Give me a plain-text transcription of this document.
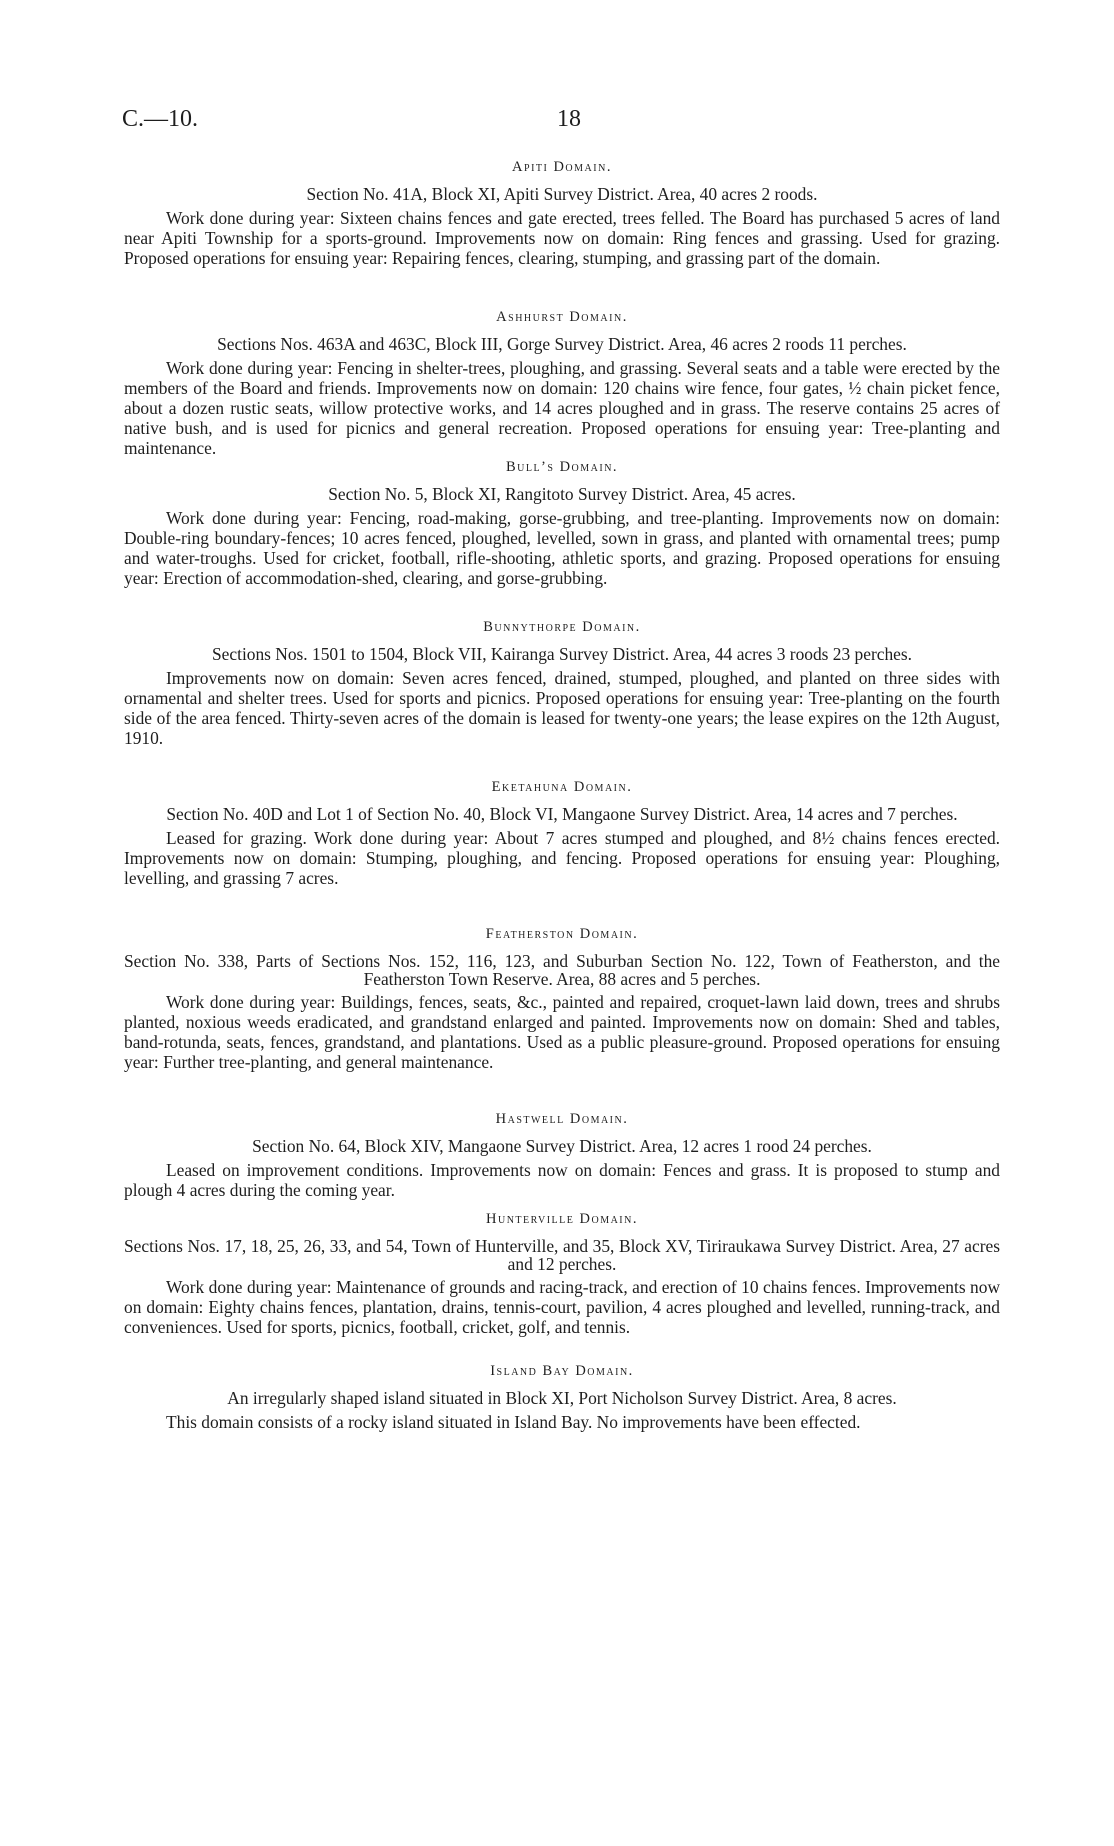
C.—10.	18
Apiti Domain.
Section No. 41A, Block XI, Apiti Survey District. Area, 40 acres 2 roods.
Work done during year: Sixteen chains fences and gate erected, trees felled. The Board has purchased 5 acres of land near Apiti Township for a sports-ground. Improvements now on domain: Ring fences and grassing. Used for grazing. Proposed operations for ensuing year: Repairing fences, clearing, stumping, and grassing part of the domain.
Ashhurst Domain.
Sections Nos. 463A and 463C, Block III, Gorge Survey District. Area, 46 acres 2 roods 11 perches.
Work done during year: Fencing in shelter-trees, ploughing, and grassing. Several seats and a table were erected by the members of the Board and friends. Improvements now on domain: 120 chains wire fence, four gates, ½ chain picket fence, about a dozen rustic seats, willow protective works, and 14 acres ploughed and in grass. The reserve contains 25 acres of native bush, and is used for picnics and general recreation. Proposed operations for ensuing year: Tree-planting and maintenance.
Bull’s Domain.
Section No. 5, Block XI, Rangitoto Survey District. Area, 45 acres.
Work done during year: Fencing, road-making, gorse-grubbing, and tree-planting. Improvements now on domain: Double-ring boundary-fences; 10 acres fenced, ploughed, levelled, sown in grass, and planted with ornamental trees; pump and water-troughs. Used for cricket, football, rifle-shooting, athletic sports, and grazing. Proposed operations for ensuing year: Erection of accommodation-shed, clearing, and gorse-grubbing.
Bunnythorpe Domain.
Sections Nos. 1501 to 1504, Block VII, Kairanga Survey District. Area, 44 acres 3 roods 23 perches.
Improvements now on domain: Seven acres fenced, drained, stumped, ploughed, and planted on three sides with ornamental and shelter trees. Used for sports and picnics. Proposed operations for ensuing year: Tree-planting on the fourth side of the area fenced. Thirty-seven acres of the domain is leased for twenty-one years; the lease expires on the 12th August, 1910.
Eketahuna Domain.
Section No. 40D and Lot 1 of Section No. 40, Block VI, Mangaone Survey District. Area, 14 acres and 7 perches.
Leased for grazing. Work done during year: About 7 acres stumped and ploughed, and 8½ chains fences erected. Improvements now on domain: Stumping, ploughing, and fencing. Proposed operations for ensuing year: Ploughing, levelling, and grassing 7 acres.
Featherston Domain.
Section No. 338, Parts of Sections Nos. 152, 116, 123, and Suburban Section No. 122, Town of Featherston, and the Featherston Town Reserve. Area, 88 acres and 5 perches.
Work done during year: Buildings, fences, seats, &c., painted and repaired, croquet-lawn laid down, trees and shrubs planted, noxious weeds eradicated, and grandstand enlarged and painted. Improvements now on domain: Shed and tables, band-rotunda, seats, fences, grandstand, and plantations. Used as a public pleasure-ground. Proposed operations for ensuing year: Further tree-planting, and general maintenance.
Hastwell Domain.
Section No. 64, Block XIV, Mangaone Survey District. Area, 12 acres 1 rood 24 perches.
Leased on improvement conditions. Improvements now on domain: Fences and grass. It is proposed to stump and plough 4 acres during the coming year.
Hunterville Domain.
Sections Nos. 17, 18, 25, 26, 33, and 54, Town of Hunterville, and 35, Block XV, Tiriraukawa Survey District. Area, 27 acres and 12 perches.
Work done during year: Maintenance of grounds and racing-track, and erection of 10 chains fences. Improvements now on domain: Eighty chains fences, plantation, drains, tennis-court, pavilion, 4 acres ploughed and levelled, running-track, and conveniences. Used for sports, picnics, football, cricket, golf, and tennis.
Island Bay Domain.
An irregularly shaped island situated in Block XI, Port Nicholson Survey District. Area, 8 acres.
This domain consists of a rocky island situated in Island Bay. No improvements have been effected.
